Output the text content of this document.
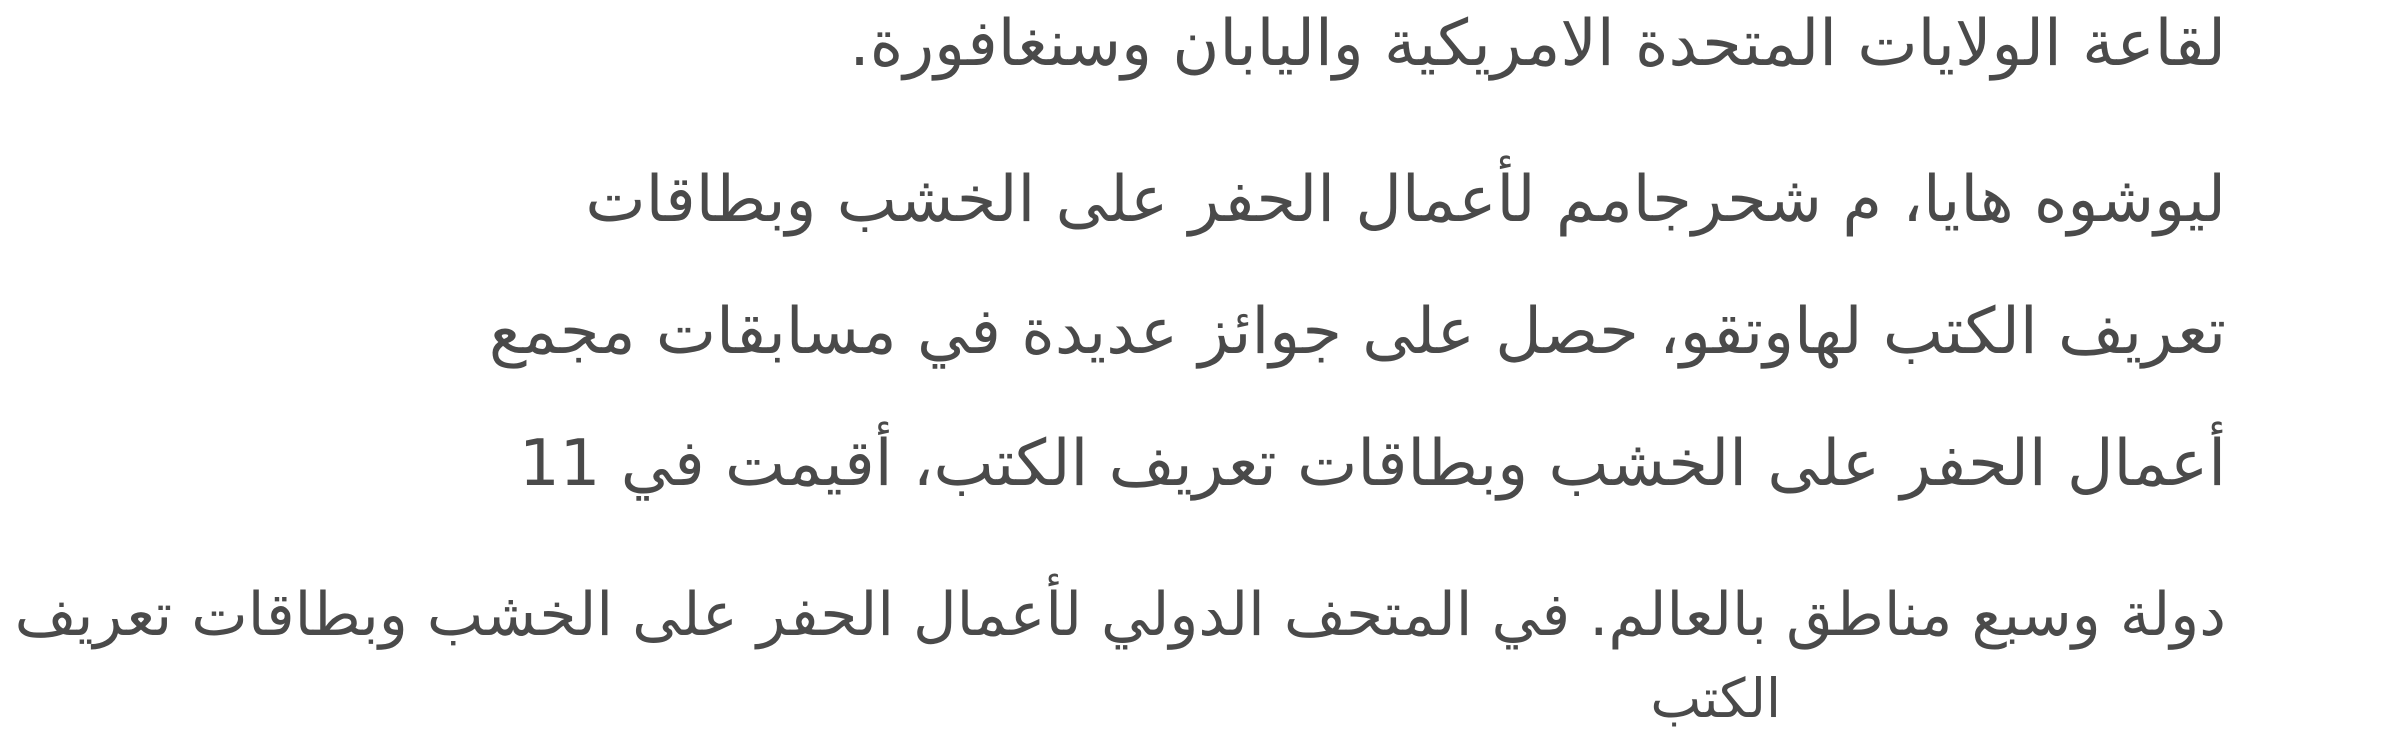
لقاعة الولايات المتحدة الامريكية واليابان وسنغافورة.

ليوشوه هايا، م شحرجامم لأعمال الحفر على الخشب وبطاقات

تعريف الكتب لهاوتقو، حصل على جوائز عديدة في مسابقات مجمع

أعمال الحفر على الخشب وبطاقات تعريف الكتب، أقيمت في 11

دولة وسبع مناطق بالعالم. في المتحف الدولي لأعمال الحفر على الخشب وبطاقات تعريف

الكتب
